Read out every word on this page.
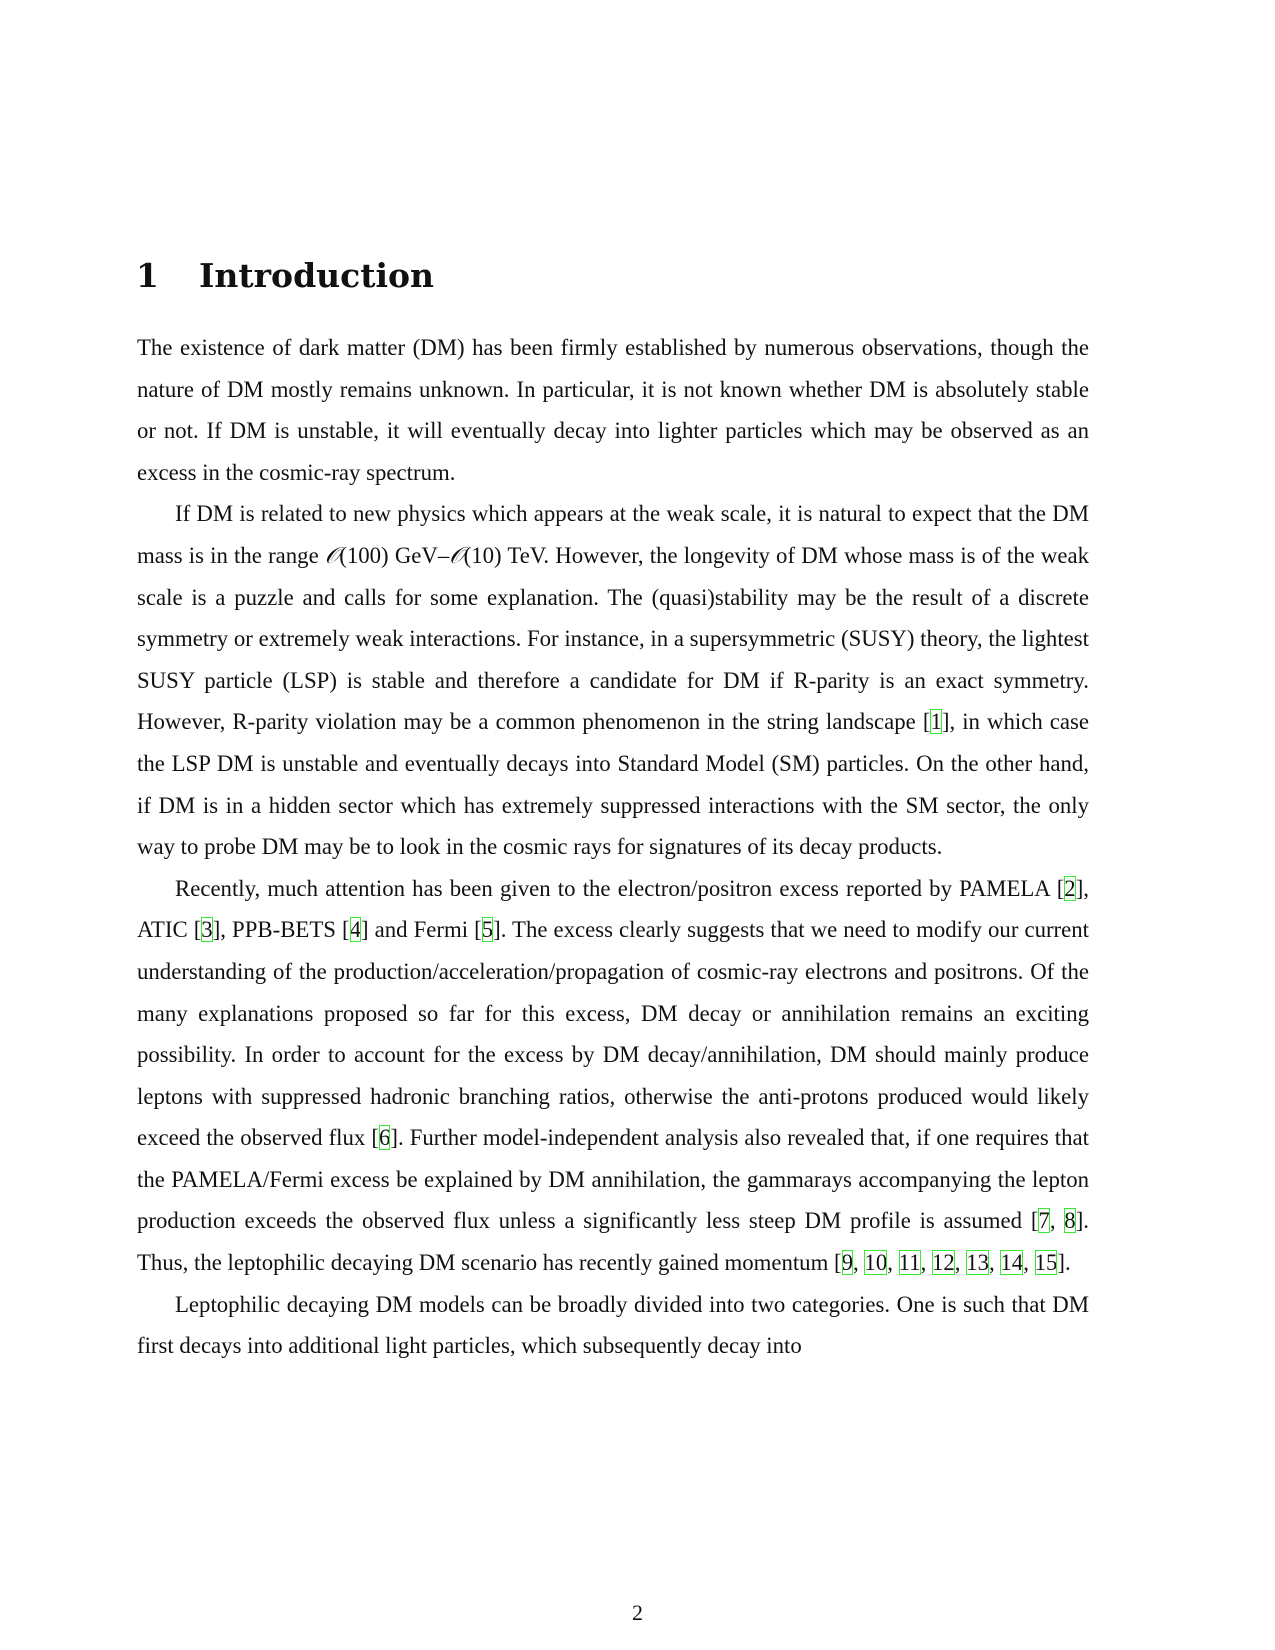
1 Introduction

The existence of dark matter (DM) has been firmly established by numerous observations, though the nature of DM mostly remains unknown. In particular, it is not known whether DM is absolutely stable or not. If DM is unstable, it will eventually decay into lighter particles which may be observed as an excess in the cosmic-ray spectrum.

If DM is related to new physics which appears at the weak scale, it is natural to expect that the DM mass is in the range 𝒪(100) GeV–𝒪(10) TeV. However, the longevity of DM whose mass is of the weak scale is a puzzle and calls for some explanation. The (quasi)stability may be the result of a discrete symmetry or extremely weak interactions. For instance, in a supersymmetric (SUSY) theory, the lightest SUSY particle (LSP) is stable and therefore a candidate for DM if R-parity is an exact symmetry. However, R-parity violation may be a common phenomenon in the string landscape [1], in which case the LSP DM is unstable and eventually decays into Standard Model (SM) particles. On the other hand, if DM is in a hidden sector which has extremely suppressed interactions with the SM sector, the only way to probe DM may be to look in the cosmic rays for signatures of its decay products.

Recently, much attention has been given to the electron/positron excess reported by PAMELA [2], ATIC [3], PPB-BETS [4] and Fermi [5]. The excess clearly suggests that we need to modify our current understanding of the production/acceleration/propagation of cosmic-ray electrons and positrons. Of the many explanations proposed so far for this excess, DM decay or annihilation remains an exciting possibility. In order to account for the excess by DM decay/annihilation, DM should mainly produce leptons with suppressed hadronic branching ratios, otherwise the anti-protons produced would likely exceed the observed flux [6]. Further model-independent analysis also revealed that, if one requires that the PAMELA/Fermi excess be explained by DM annihilation, the gammarays accompanying the lepton production exceeds the observed flux unless a significantly less steep DM profile is assumed [7, 8]. Thus, the leptophilic decaying DM scenario has recently gained momentum [9, 10, 11, 12, 13, 14, 15].

Leptophilic decaying DM models can be broadly divided into two categories. One is such that DM first decays into additional light particles, which subsequently decay into

2
